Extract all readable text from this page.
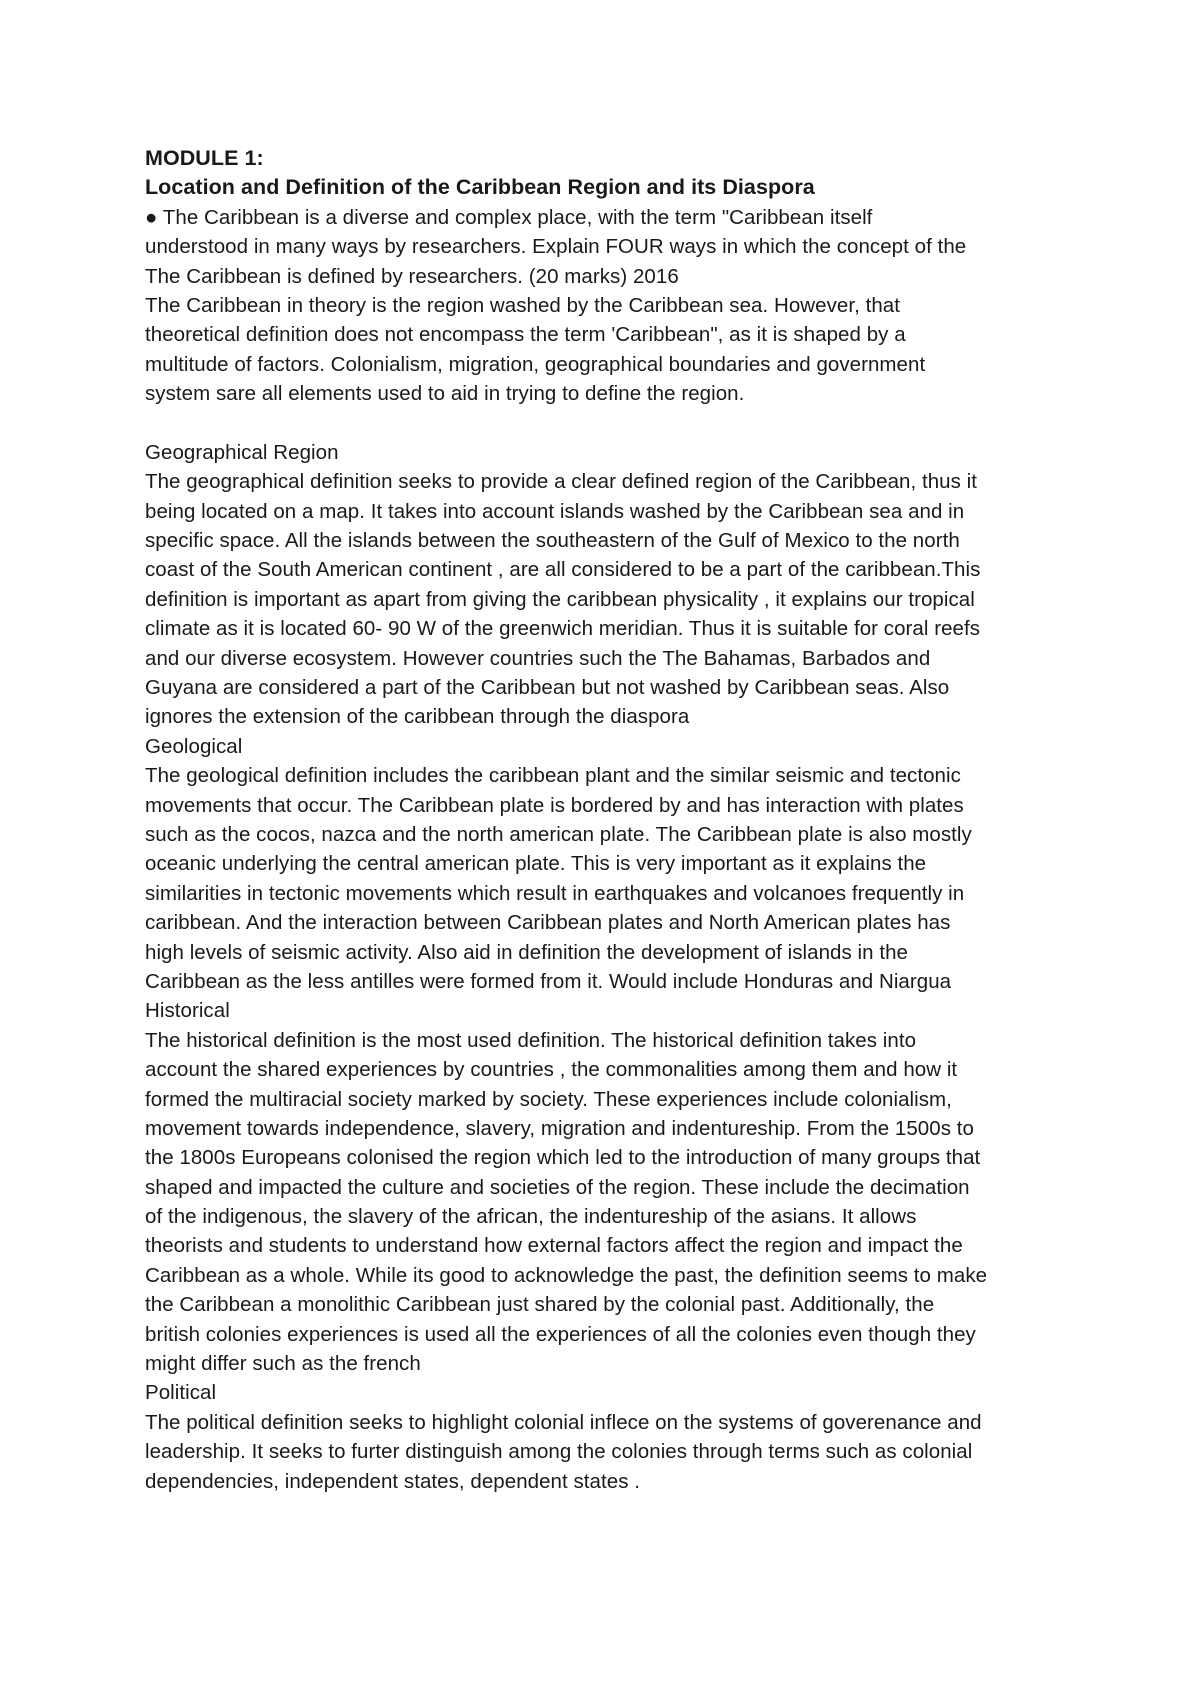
MODULE 1:
Location and Definition of the Caribbean Region and its Diaspora
● The Caribbean is a diverse and complex place, with the term "Caribbean itself
understood in many ways by researchers. Explain FOUR ways in which the concept of the
The Caribbean is defined by researchers. (20 marks) 2016
The Caribbean in theory is the region washed by the Caribbean sea. However, that
theoretical definition does not encompass the term 'Caribbean", as it is shaped by a
multitude of factors. Colonialism, migration, geographical boundaries and government
system sare all elements used to aid in trying to define the region.
Geographical Region
The geographical definition seeks to provide a clear defined region of the Caribbean, thus it
being located on a map. It takes into account islands washed by the Caribbean sea and in
specific space. All the islands between the southeastern of the Gulf of Mexico to the north
coast of the South American continent , are all considered to be a part of the caribbean.This
definition is important as apart from giving the caribbean physicality , it explains our tropical
climate as it is located 60- 90 W of the greenwich meridian. Thus it is suitable for coral reefs
and our diverse ecosystem. However countries such the The Bahamas, Barbados and
Guyana are considered a part of the Caribbean but not washed by Caribbean seas. Also
ignores the extension of the caribbean through the diaspora
Geological
The geological definition includes the caribbean plant and the similar seismic and tectonic
movements that occur. The Caribbean plate is bordered by and has interaction with plates
such as the cocos, nazca and the north american plate. The Caribbean plate is also mostly
oceanic underlying the central american plate. This is very important as it explains the
similarities in tectonic movements which result in earthquakes and volcanoes frequently in
caribbean. And the interaction between Caribbean plates and North American plates has
high levels of seismic activity. Also aid in definition the development of islands in the
Caribbean as the less antilles were formed from it. Would include Honduras and Niargua
Historical
The historical definition is the most used definition. The historical definition takes into
account the shared experiences by countries , the commonalities among them and how it
formed the multiracial society marked by society. These experiences include colonialism,
movement towards independence, slavery, migration and indentureship. From the 1500s to
the 1800s Europeans colonised the region which led to the introduction of many groups that
shaped and impacted the culture and societies of the region. These include the decimation
of the indigenous, the slavery of the african, the indentureship of the asians. It allows
theorists and students to understand how external factors affect the region and impact the
Caribbean as a whole. While its good to acknowledge the past, the definition seems to make
the Caribbean a monolithic Caribbean just shared by the colonial past. Additionally, the
british colonies experiences is used all the experiences of all the colonies even though they
might differ such as the french
Political
The political definition seeks to highlight colonial inflece on the systems of goverenance and
leadership. It seeks to furter distinguish among the colonies through terms such as colonial
dependencies, independent states, dependent states .
